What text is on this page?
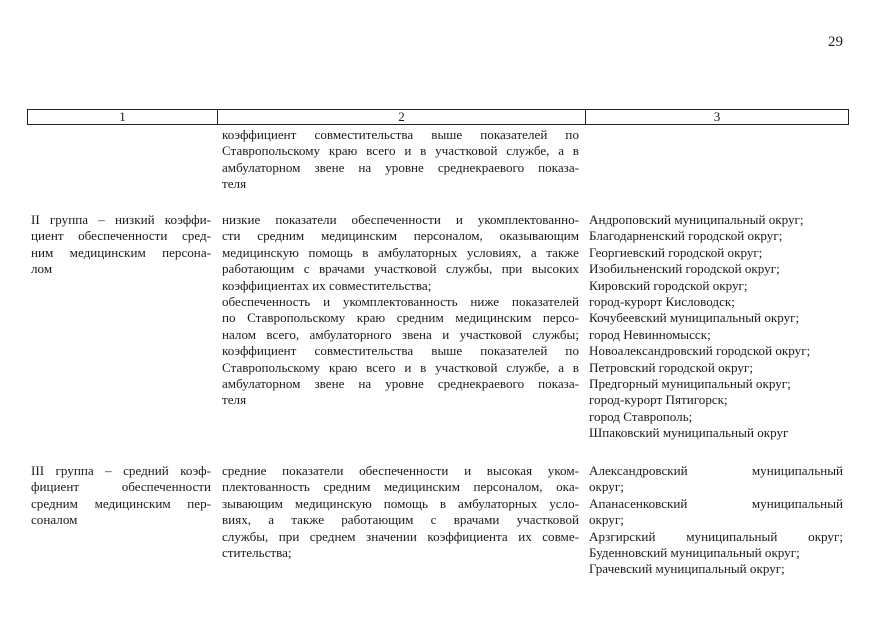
29
1	2	3

коэффициент совместительства выше показателей по

Ставропольскому краю всего и в участковой службе, а в

амбулаторном звене на уровне среднекраевого показа-

теля

II группа – низкий коэффи-

циент обеспеченности сред-

ним медицинским персона-

лом

низкие показатели обеспеченности и укомплектованно-

сти средним медицинским персоналом, оказывающим

медицинскую помощь в амбулаторных условиях, а также

работающим с врачами участковой службы, при высоких

коэффициентах их совместительства;

обеспеченность и укомплектованность ниже показателей

по Ставропольскому краю средним медицинским персо-

налом всего, амбулаторного звена и участковой службы;

коэффициент совместительства выше показателей по

Ставропольскому краю всего и в участковой службе, а в

амбулаторном звене на уровне среднекраевого показа-

теля

Андроповский муниципальный округ;
Благодарненский городской округ;
Георгиевский городской округ;
Изобильненский городской округ;
Кировский городской округ;
город-курорт Кисловодск;
Кочубеевский муниципальный округ;
город Невинномысск;
Новоалександровский городской округ;
Петровский городской округ;
Предгорный муниципальный округ;
город-курорт Пятигорск;
город Ставрополь;
Шпаковский муниципальный округ

III группа – средний коэф-

фициент обеспеченности

средним медицинским пер-

соналом

средние показатели обеспеченности и высокая уком-

плектованность средним медицинским персоналом, ока-

зывающим медицинскую помощь в амбулаторных усло-

виях, а также работающим с врачами участковой

службы, при среднем значении коэффициента их совме-

стительства;

Александровский муниципальный
округ;
Апанасенковский муниципальный
округ;
Арзгирский муниципальный округ;
Буденновский муниципальный округ;
Грачевский муниципальный округ;
